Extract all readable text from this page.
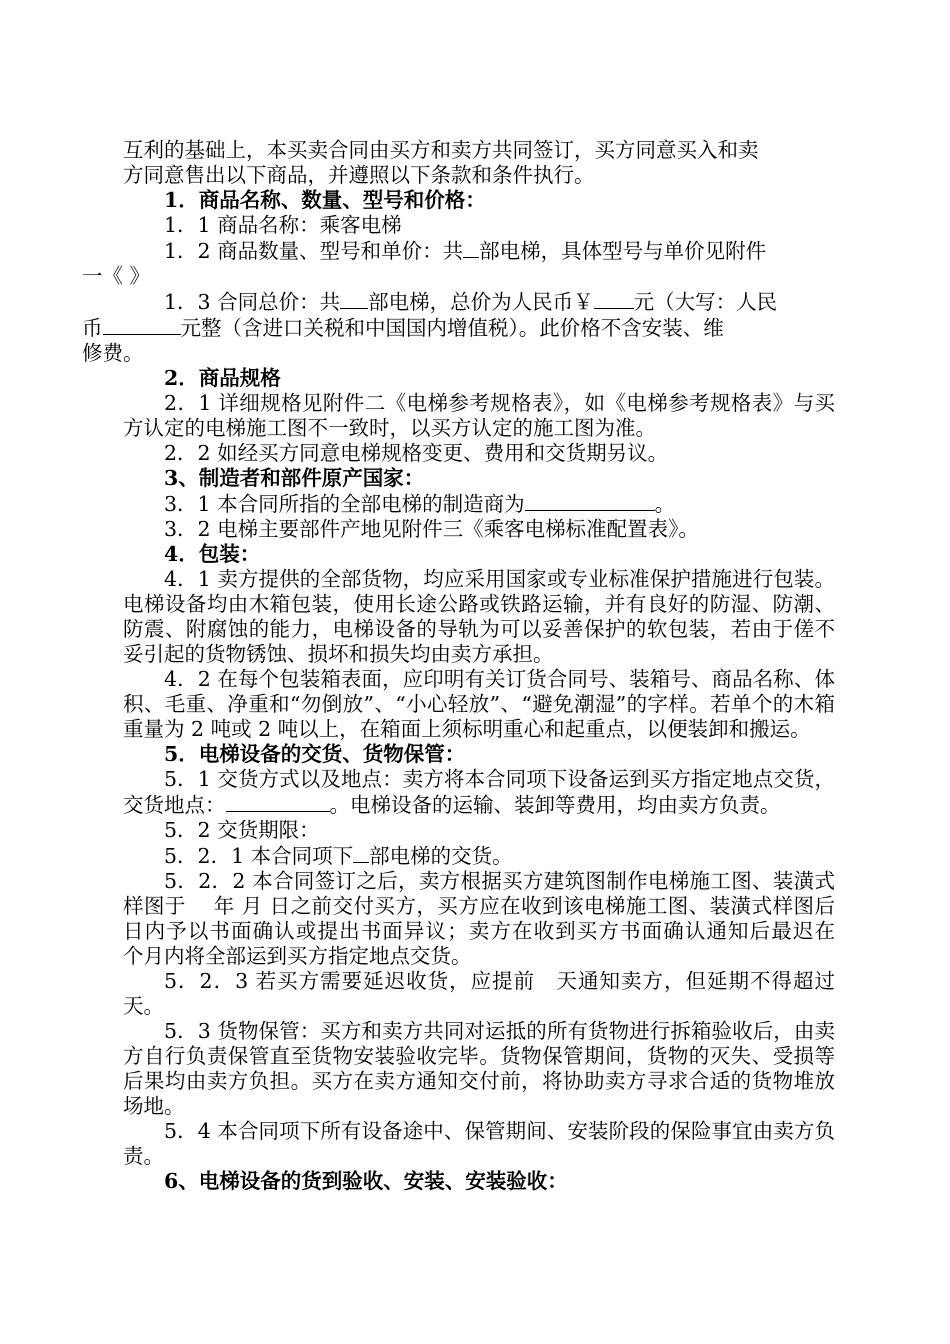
互利的基础上，本买卖合同由买方和卖方共同签订，买方同意买入和卖

方同意售出以下商品，并遵照以下条款和条件执行。

1．商品名称、数量、型号和价格：

1．1 商品名称：乘客电梯

1．2 商品数量、型号和单价：共 部电梯，具体型号与单价见附件
一《 》

1．3 合同总价：共 部电梯，总价为人民币￥ 元（大写：人民
币	元整（含进口关税和中国国内增值税）。此价格不含安装、维
修费。

2．商品规格

2．1 详细规格见附件二《电梯参考规格表》，如《电梯参考规格表》与买方认定的电梯施工图不一致时，以买方认定的施工图为准。

2．2 如经买方同意电梯规格变更、费用和交货期另议。

3、制造者和部件原产国家：

3．1 本合同所指的全部电梯的制造商为	。

3．2 电梯主要部件产地见附件三《乘客电梯标准配置表》。

4．包装：

4．1 卖方提供的全部货物，均应采用国家或专业标准保护措施进行包装。电梯设备均由木箱包装，使用长途公路或铁路运输，并有良好的防湿、防潮、防震、附腐蚀的能力，电梯设备的导轨为可以妥善保护的软包装，若由于傞不妥引起的货物锈蚀、损坏和损失均由卖方承担。

4．2 在每个包装箱表面，应印明有关订货合同号、装箱号、商品名称、体积、毛重、净重和“勿倒放”、“小心轻放”、“避免潮湿”的字样。若单个的木箱重量为 2 吨或 2 吨以上，在箱面上须标明重心和起重点，以便装卸和搬运。

5．电梯设备的交货、货物保管：

5．1 交货方式以及地点：卖方将本合同项下设备运到买方指定地点交货，交货地点：	。电梯设备的运输、装卸等费用，均由卖方负责。

5．2 交货期限：

5．2．1 本合同项下 部电梯的交货。

5．2．2 本合同签订之后，卖方根据买方建筑图制作电梯施工图、装潢式样图于　 年 月 日之前交付买方，买方应在收到该电梯施工图、装潢式样图后　日内予以书面确认或提出书面异议；卖方在收到买方书面确认通知后最迟在　 个月内将全部运到买方指定地点交货。

5．2．3 若买方需要延迟收货，应提前　天通知卖方，但延期不得超过　天。

5．3 货物保管：买方和卖方共同对运抵的所有货物进行拆箱验收后，由卖方自行负责保管直至货物安装验收完毕。货物保管期间，货物的灭失、受损等后果均由卖方负担。买方在卖方通知交付前，将协助卖方寻求合适的货物堆放场地。

5．4 本合同项下所有设备途中、保管期间、安装阶段的保险事宜由卖方负责。

6、电梯设备的货到验收、安装、安装验收：
